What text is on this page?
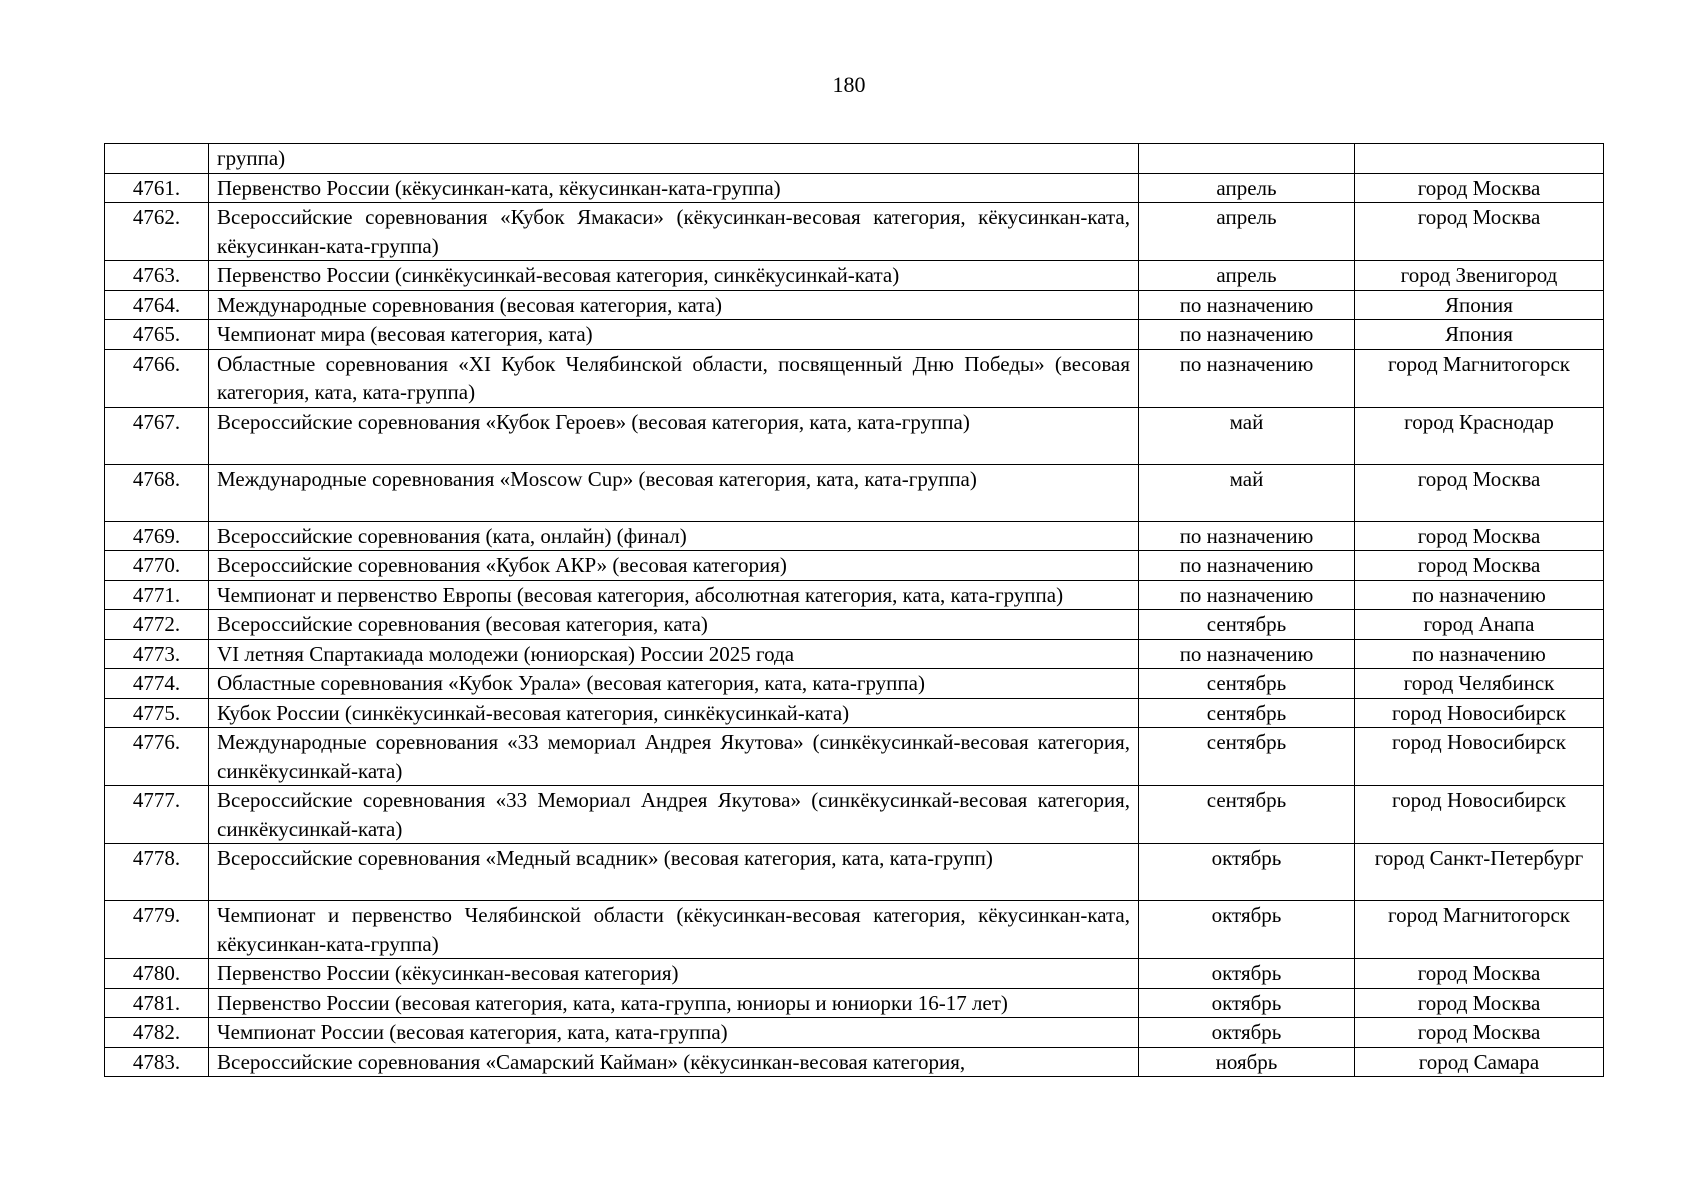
180
	группа)		
4761.	Первенство России (кёкусинкан-ката, кёкусинкан-ката-группа)	апрель	город Москва
4762.	Всероссийские соревнования «Кубок Ямакаси» (кёкусинкан-весовая категория, кёкусинкан-ката, кёкусинкан-ката-группа)	апрель	город Москва
4763.	Первенство России (синкёкусинкай-весовая категория, синкёкусинкай-ката)	апрель	город Звенигород
4764.	Международные соревнования (весовая категория, ката)	по назначению	Япония
4765.	Чемпионат мира (весовая категория, ката)	по назначению	Япония
4766.	Областные соревнования «XI Кубок Челябинской области, посвященный Дню Победы» (весовая категория, ката, ката-группа)	по назначению	город Магнитогорск
4767.	Всероссийские соревнования «Кубок Героев» (весовая категория, ката, ката-группа)	май	город Краснодар
4768.	Международные соревнования «Moscow Cup» (весовая категория, ката, ката-группа)	май	город Москва
4769.	Всероссийские соревнования (ката, онлайн) (финал)	по назначению	город Москва
4770.	Всероссийские соревнования «Кубок АКР» (весовая категория)	по назначению	город Москва
4771.	Чемпионат и первенство Европы (весовая категория, абсолютная категория, ката, ката-группа)	по назначению	по назначению
4772.	Всероссийские соревнования (весовая категория, ката)	сентябрь	город Анапа
4773.	VI летняя Спартакиада молодежи (юниорская) России 2025 года	по назначению	по назначению
4774.	Областные соревнования «Кубок Урала» (весовая категория, ката, ката-группа)	сентябрь	город Челябинск
4775.	Кубок России (синкёкусинкай-весовая категория, синкёкусинкай-ката)	сентябрь	город Новосибирск
4776.	Международные соревнования «33 мемориал Андрея Якутова» (синкёкусинкай-весовая категория, синкёкусинкай-ката)	сентябрь	город Новосибирск
4777.	Всероссийские соревнования «33 Мемориал Андрея Якутова» (синкёкусинкай-весовая категория, синкёкусинкай-ката)	сентябрь	город Новосибирск
4778.	Всероссийские соревнования «Медный всадник» (весовая категория, ката, ката-групп)	октябрь	город Санкт-Петербург
4779.	Чемпионат и первенство Челябинской области (кёкусинкан-весовая категория, кёкусинкан-ката, кёкусинкан-ката-группа)	октябрь	город Магнитогорск
4780.	Первенство России (кёкусинкан-весовая категория)	октябрь	город Москва
4781.	Первенство России (весовая категория, ката, ката-группа, юниоры и юниорки 16-17 лет)	октябрь	город Москва
4782.	Чемпионат России (весовая категория, ката, ката-группа)	октябрь	город Москва
4783.	Всероссийские соревнования «Самарский Кайман» (кёкусинкан-весовая категория,	ноябрь	город Самара
